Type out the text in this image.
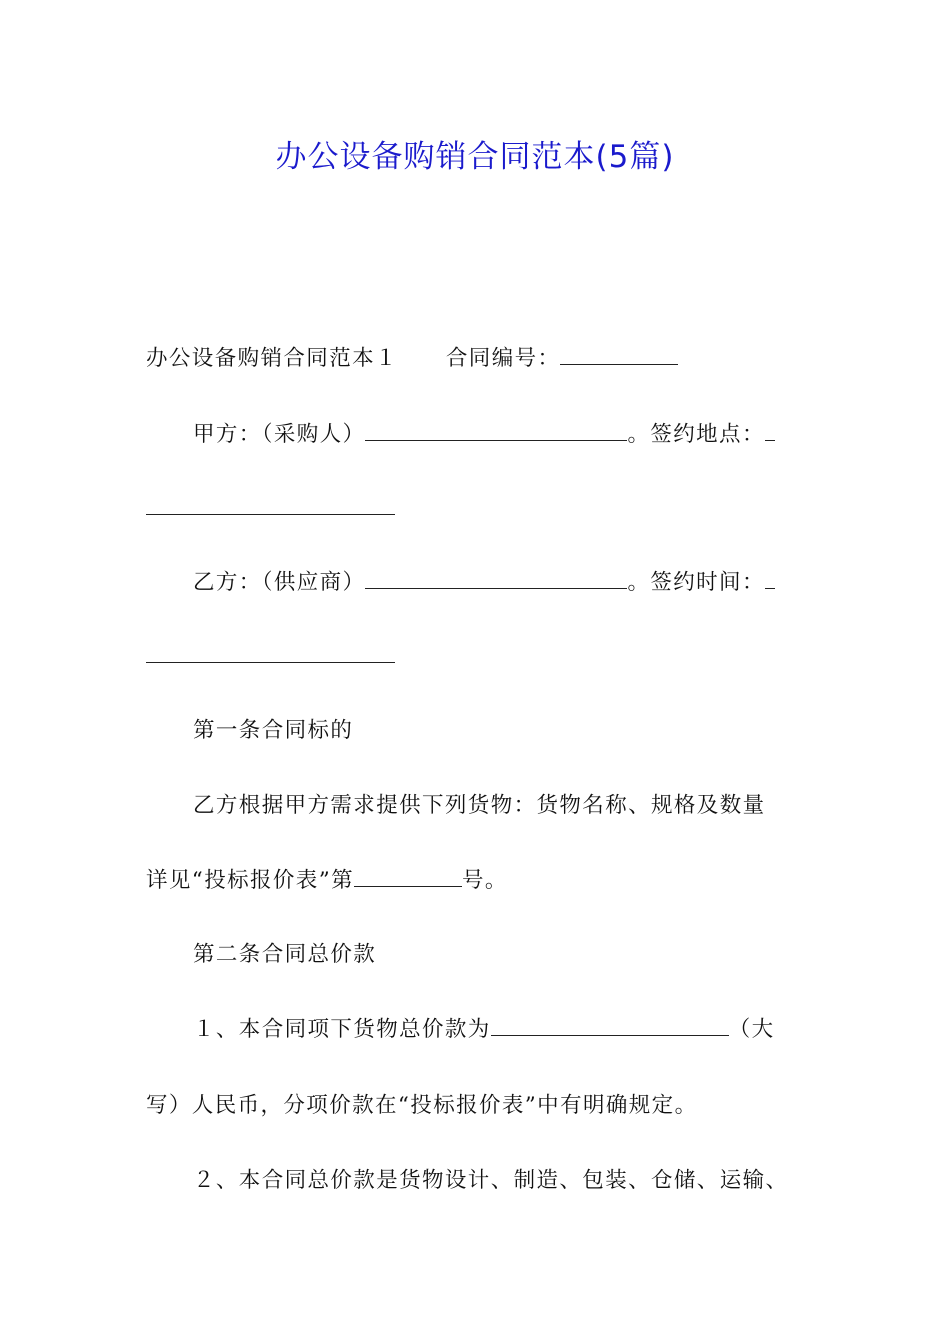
办公设备购销合同范本(5篇)
办公设备购销合同范本１ 合同编号：
甲方：（采购人）	。签约地点：
乙方：（供应商）	。签约时间：
第一条合同标的
乙方根据甲方需求提供下列货物：货物名称、规格及数量
详见“投标报价表”第	号。
第二条合同总价款
１、本合同项下货物总价款为	（大
写）人民币，分项价款在“投标报价表”中有明确规定。
２、本合同总价款是货物设计、制造、包装、仓储、运输、
